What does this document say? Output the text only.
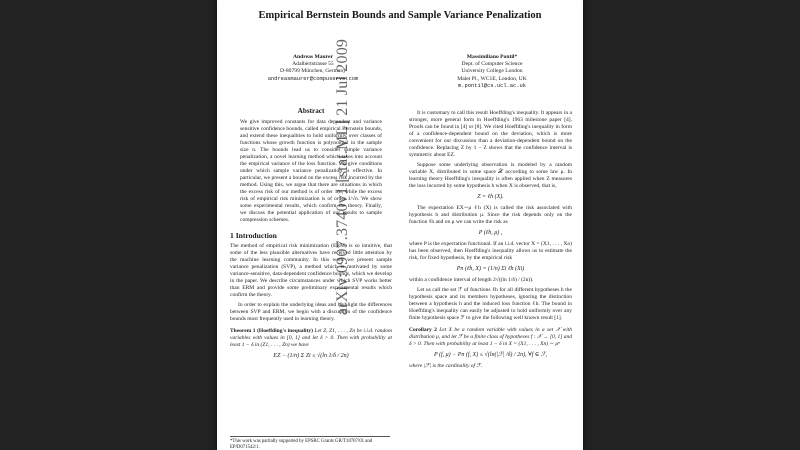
arXiv:0907.3740v1 [stat.ML] 21 Jul 2009
Empirical Bernstein Bounds and Sample Variance Penalization
Andreas Maurer
Adalbertstrasse 55
D-80799 München, Germany
andreasmaurer@compuserve.com
Massimiliano Pontil*
Dept. of Computer Science
University College London
Malet Pl., WC1E, London, UK
m.pontil@cs.ucl.ac.uk
Abstract
We give improved constants for data dependent and variance sensitive confidence bounds, called empirical Bernstein bounds, and extend these inequalities to hold uniformly over classes of functions whose growth function is polynomial in the sample size n. The bounds lead us to consider sample variance penalization, a novel learning method which takes into account the empirical variance of the loss function. We give conditions under which sample variance penalization is effective. In particular, we present a bound on the excess risk incurred by the method. Using this, we argue that there are situations in which the excess risk of our method is of order 1/n, while the excess risk of empirical risk minimization is of order 1/√n. We show some experimental results, which confirm the theory. Finally, we discuss the potential application of our results to sample compression schemes.
1 Introduction
The method of empirical risk minimization (ERM) is so intuitive, that some of the less plausible alternatives have received little attention by the machine learning community. In this work we present sample variance penalization (SVP), a method which is motivated by some variance-sensitive, data-dependent confidence bounds, which we develop in the paper. We describe circumstances under which SVP works better than ERM and provide some preliminary experimental results which confirm the theory.
In order to explain the underlying ideas and highlight the differences between SVP and ERM, we begin with a discussion of the confidence bounds most frequently used in learning theory.
Theorem 1 (Hoeffding's inequality) Let Z, Z1, . . . , Zn be i.i.d. random variables with values in [0, 1] and let δ > 0. Then with probability at least 1 − δ in (Z1, . . . , Zn) we have
EZ − (1/n) Σ Zi ≤ √(ln 1/δ / 2n)
*This work was partially supported by EPSRC Grants GR/T18707/01 and EP/D071542/1.
It is customary to call this result Hoeffding's inequality. It appears in a stronger, more general form in Hoeffding's 1963 milestone paper [4]. Proofs can be found in [4] or [8]. We cited Hoeffding's inequality in form of a confidence-dependent bound on the deviation, which is more convenient for our discussion than a deviation-dependent bound on the confidence. Replacing Z by 1 − Z shows that the confidence interval is symmetric about EZ.
Suppose some underlying observation is modeled by a random variable X, distributed in some space 𝒳 according to some law μ. In learning theory Hoeffding's inequality is often applied when Z measures the loss incurred by some hypothesis h when X is observed, that is,
Z = ℓh (X).
The expectation EX∼μ ℓh (X) is called the risk associated with hypothesis h and distribution μ. Since the risk depends only on the function ℓh and on μ we can write the risk as
P (ℓh, μ) ,
where P is the expectation functional. If an i.i.d. vector X = (X1, . . . , Xn) has been observed, then Hoeffding's inequality allows us to estimate the risk, for fixed hypothesis, by the empirical risk
Pn (ℓh, X) = (1/n) Σi ℓh (Xi)
within a confidence interval of length 2√((ln 1/δ) / (2n)).
Let us call the set ℱ of functions ℓh for all different hypotheses h the hypothesis space and its members hypotheses, ignoring the distinction between a hypothesis h and the induced loss function ℓh. The bound in Hoeffding's inequality can easily be adjusted to hold uniformly over any finite hypothesis space ℱ to give the following well known result [1].
Corollary 2 Let X be a random variable with values in a set 𝒳 with distribution μ, and let ℱ be a finite class of hypotheses f : 𝒳 → [0, 1] and δ > 0. Then with probability at least 1 − δ in X = (X1, . . . , Xn) ∼ μⁿ
P (f, μ) − Pn (f, X) ≤ √(ln(|ℱ| /δ) / 2n), ∀f ∈ ℱ,
where |ℱ| is the cardinality of ℱ.
